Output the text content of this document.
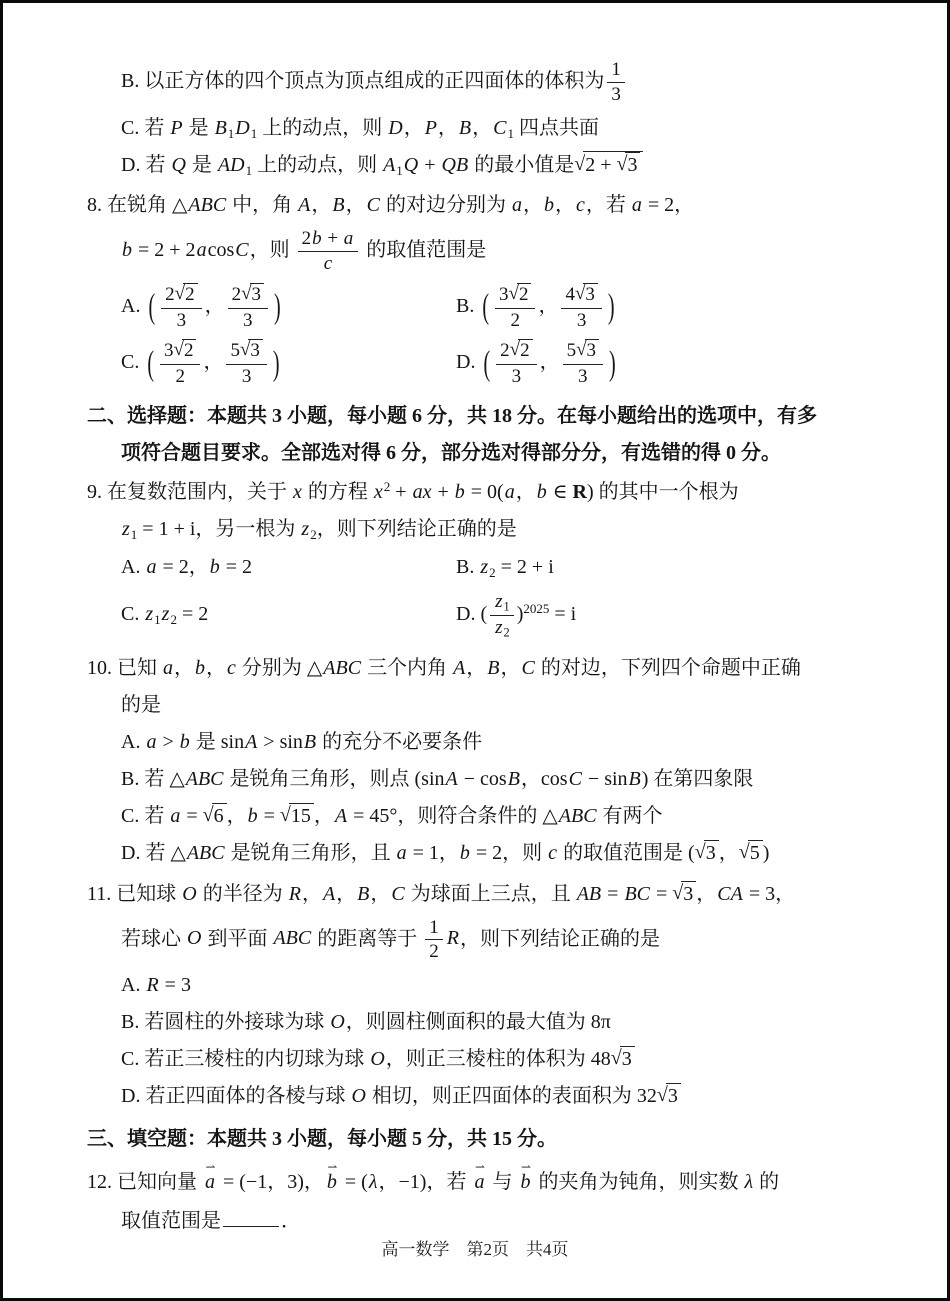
B. 以正方体的四个顶点为顶点组成的正四面体的体积为 $\frac{1}{3}$
C. 若 P 是 $B_1D_1$ 上的动点，则 D，P，B，$C_1$ 四点共面
D. 若 Q 是 $AD_1$ 上的动点，则 $A_1Q$ + QB 的最小值是√2 + √3
8. 在锐角 △ABC 中，角 A，B，C 的对边分别为 a，b，c，若 a = 2，
b = 2 + 2acosC，则 $\frac{2b + a}{c}$ 的取值范围是
A. ( $\frac{2√2}{3}$ ， $\frac{2√3}{3}$ )	B. ( $\frac{3√2}{2}$ ， $\frac{4√3}{3}$ )
C. ( $\frac{3√2}{2}$ ， $\frac{5√3}{3}$ )	D. ( $\frac{2√2}{3}$ ， $\frac{5√3}{3}$ )
二、选择题：本题共 3 小题，每小题 6 分，共 18 分。在每小题给出的选项中，有多
项符合题目要求。全部选对得 6 分，部分选对得部分分，有选错的得 0 分。
9. 在复数范围内，关于 x 的方程 $x^2$ + ax + b = 0(a，b ∈ R) 的其中一个根为
$z_1 = 1 + i$，另一根为 $z_2$，则下列结论正确的是
A. a = 2，b = 2	B. $z_2 = 2 + i$
C. $z_1z_2 = 2$	D. ( $\frac{z_1}{z_2} )^{2025} = i$
10. 已知 a，b，c 分别为 △ABC 三个内角 A，B，C 的对边，下列四个命题中正确
的是
A. a > b 是 sinA > sinB 的充分不必要条件
B. 若 △ABC 是锐角三角形，则点 (sinA − cosB，cosC − sinB) 在第四象限
C. 若 a = √6 ，b = √15 ，A = 45°，则符合条件的 △ABC 有两个
D. 若 △ABC 是锐角三角形，且 a = 1，b = 2，则 c 的取值范围是 (√3 ，√5 )
11. 已知球 O 的半径为 R，A，B，C 为球面上三点，且 AB = BC = √3 ，CA = 3，
若球心 O 到平面 ABC 的距离等于 $\frac{1}{2}$ R，则下列结论正确的是
A. R = 3
B. 若圆柱的外接球为球 O，则圆柱侧面积的最大值为 8π
C. 若正三棱柱的内切球为球 O，则正三棱柱的体积为 48√3
D. 若正四面体的各棱与球 O 相切，则正四面体的表面积为 32√3
三、填空题：本题共 3 小题，每小题 5 分，共 15 分。
12. 已知向量 a ⇀ = (−1，3)， b ⇀ = (λ，−1)，若 a ⇀ 与 b ⇀ 的夹角为钝角，则实数 λ 的
取值范围是	．
高一数学　第2页　共4页
